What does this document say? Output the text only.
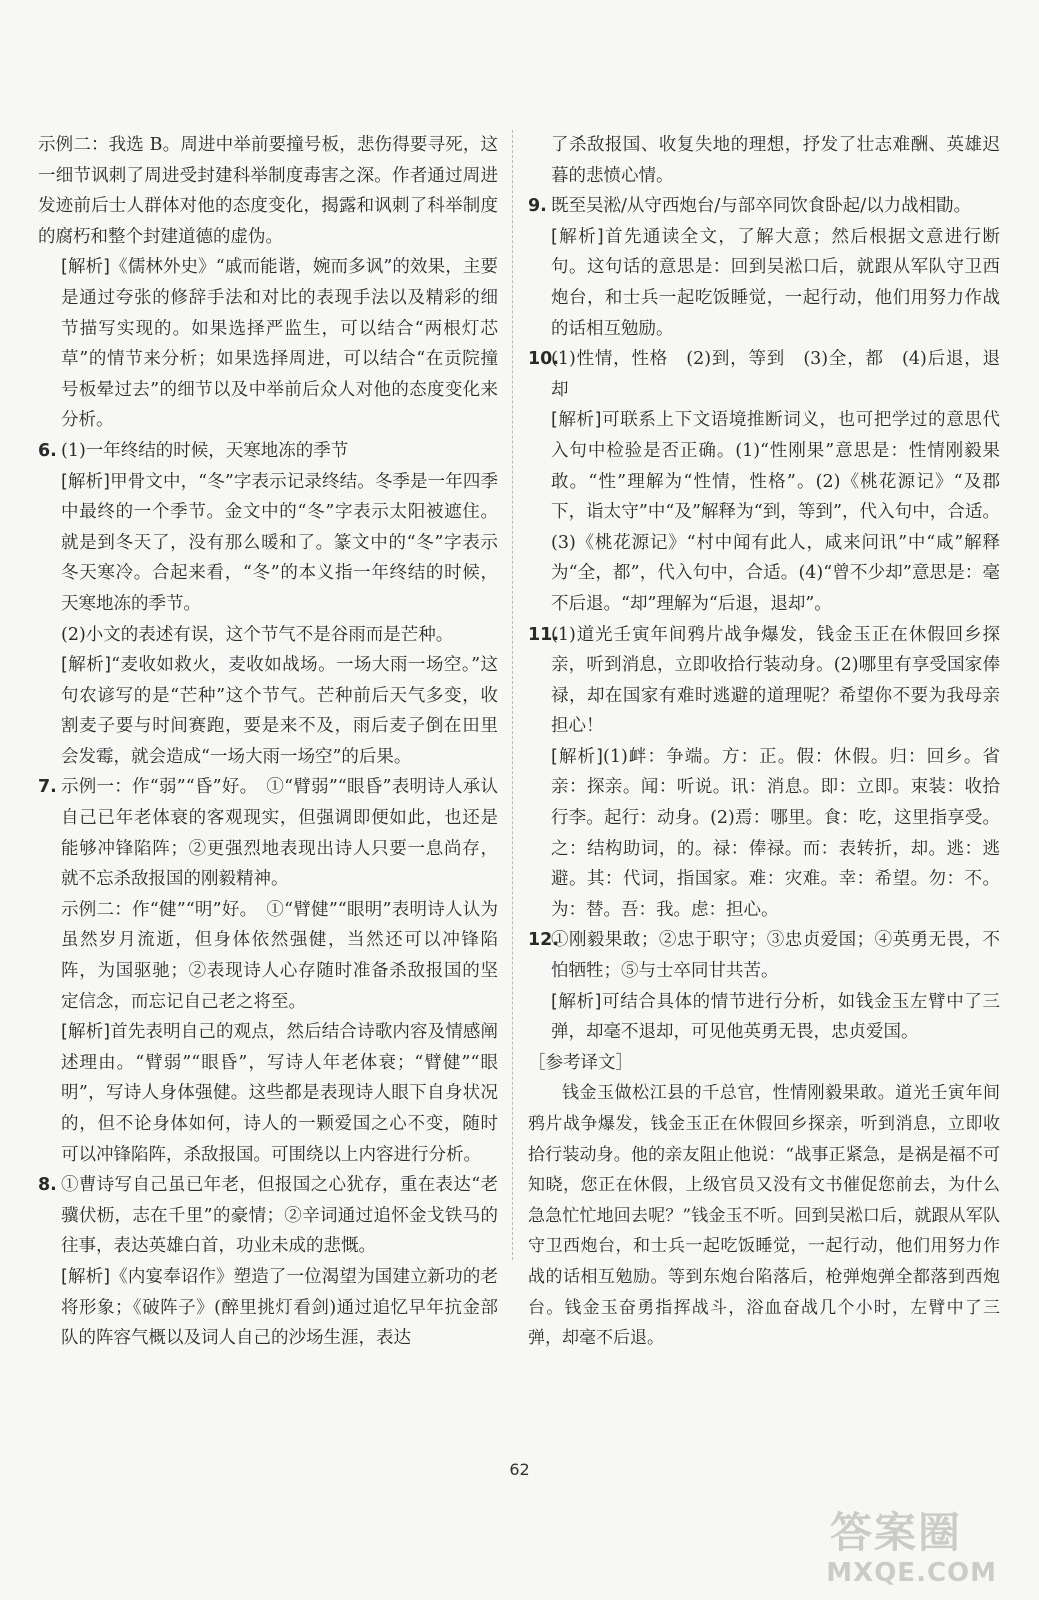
示例二：我选 B。周进中举前要撞号板，悲伤得要寻死，这一细节讽刺了周进受封建科举制度毒害之深。作者通过周进发迹前后士人群体对他的态度变化，揭露和讽刺了科举制度的腐朽和整个封建道德的虚伪。

[解析]《儒林外史》“戚而能谐，婉而多讽”的效果，主要是通过夸张的修辞手法和对比的表现手法以及精彩的细节描写实现的。如果选择严监生，可以结合“两根灯芯草”的情节来分析；如果选择周进，可以结合“在贡院撞号板晕过去”的细节以及中举前后众人对他的态度变化来分析。

6. (1)一年终结的时候，天寒地冻的季节

[解析]甲骨文中，“冬”字表示记录终结。冬季是一年四季中最终的一个季节。金文中的“冬”字表示太阳被遮住。就是到冬天了，没有那么暖和了。篆文中的“冬”字表示冬天寒冷。合起来看，“冬”的本义指一年终结的时候，天寒地冻的季节。

(2)小文的表述有误，这个节气不是谷雨而是芒种。

[解析]“麦收如救火，麦收如战场。一场大雨一场空。”这句农谚写的是“芒种”这个节气。芒种前后天气多变，收割麦子要与时间赛跑，要是来不及，雨后麦子倒在田里会发霉，就会造成“一场大雨一场空”的后果。

7. 示例一：作“弱”“昏”好。　①“臂弱”“眼昏”表明诗人承认自己已年老体衰的客观现实，但强调即便如此，也还是能够冲锋陷阵；②更强烈地表现出诗人只要一息尚存，就不忘杀敌报国的刚毅精神。

示例二：作“健”“明”好。　①“臂健”“眼明”表明诗人认为虽然岁月流逝，但身体依然强健，当然还可以冲锋陷阵，为国驱驰；②表现诗人心存随时准备杀敌报国的坚定信念，而忘记自己老之将至。

[解析]首先表明自己的观点，然后结合诗歌内容及情感阐述理由。“臂弱”“眼昏”，写诗人年老体衰；“臂健”“眼明”，写诗人身体强健。这些都是表现诗人眼下自身状况的，但不论身体如何，诗人的一颗爱国之心不变，随时可以冲锋陷阵，杀敌报国。可围绕以上内容进行分析。

8. ①曹诗写自己虽已年老，但报国之心犹存，重在表达“老骥伏枥，志在千里”的豪情；②辛词通过追怀金戈铁马的往事，表达英雄白首，功业未成的悲慨。

[解析]《内宴奉诏作》塑造了一位渴望为国建立新功的老将形象；《破阵子》(醉里挑灯看剑)通过追忆早年抗金部队的阵容气概以及词人自己的沙场生涯，表达

了杀敌报国、收复失地的理想，抒发了壮志难酬、英雄迟暮的悲愤心情。

9. 既至吴淞/从守西炮台/与部卒同饮食卧起/以力战相勖。

[解析]首先通读全文，了解大意；然后根据文意进行断句。这句话的意思是：回到吴淞口后，就跟从军队守卫西炮台，和士兵一起吃饭睡觉，一起行动，他们用努力作战的话相互勉励。

10.

(1)性情，性格　(2)到，等到　(3)全，都　(4)后退，退却

[解析]可联系上下文语境推断词义，也可把学过的意思代入句中检验是否正确。(1)“性刚果”意思是：性情刚毅果敢。“性”理解为“性情，性格”。(2)《桃花源记》“及郡下，诣太守”中“及”解释为“到，等到”，代入句中，合适。(3)《桃花源记》“村中闻有此人，咸来问讯”中“咸”解释为“全，都”，代入句中，合适。(4)“曾不少却”意思是：毫不后退。“却”理解为“后退，退却”。

11.

(1)道光壬寅年间鸦片战争爆发，钱金玉正在休假回乡探亲，听到消息，立即收拾行装动身。(2)哪里有享受国家俸禄，却在国家有难时逃避的道理呢？希望你不要为我母亲担心！

[解析](1)衅：争端。方：正。假：休假。归：回乡。省亲：探亲。闻：听说。讯：消息。即：立即。束装：收拾行李。起行：动身。(2)焉：哪里。食：吃，这里指享受。之：结构助词，的。禄：俸禄。而：表转折，却。逃：逃避。其：代词，指国家。难：灾难。幸：希望。勿：不。为：替。吾：我。虑：担心。

12.

①刚毅果敢；②忠于职守；③忠贞爱国；④英勇无畏，不怕牺牲；⑤与士卒同甘共苦。

[解析]可结合具体的情节进行分析，如钱金玉左臂中了三弹，却毫不退却，可见他英勇无畏，忠贞爱国。

［参考译文］

钱金玉做松江县的千总官，性情刚毅果敢。道光壬寅年间鸦片战争爆发，钱金玉正在休假回乡探亲，听到消息，立即收拾行装动身。他的亲友阻止他说：“战事正紧急，是祸是福不可知晓，您正在休假，上级官员又没有文书催促您前去，为什么急急忙忙地回去呢？”钱金玉不听。回到吴淞口后，就跟从军队守卫西炮台，和士兵一起吃饭睡觉，一起行动，他们用努力作战的话相互勉励。等到东炮台陷落后，枪弹炮弹全都落到西炮台。钱金玉奋勇指挥战斗，浴血奋战几个小时，左臂中了三弹，却毫不后退。

62
答案圈
MXQE.COM
